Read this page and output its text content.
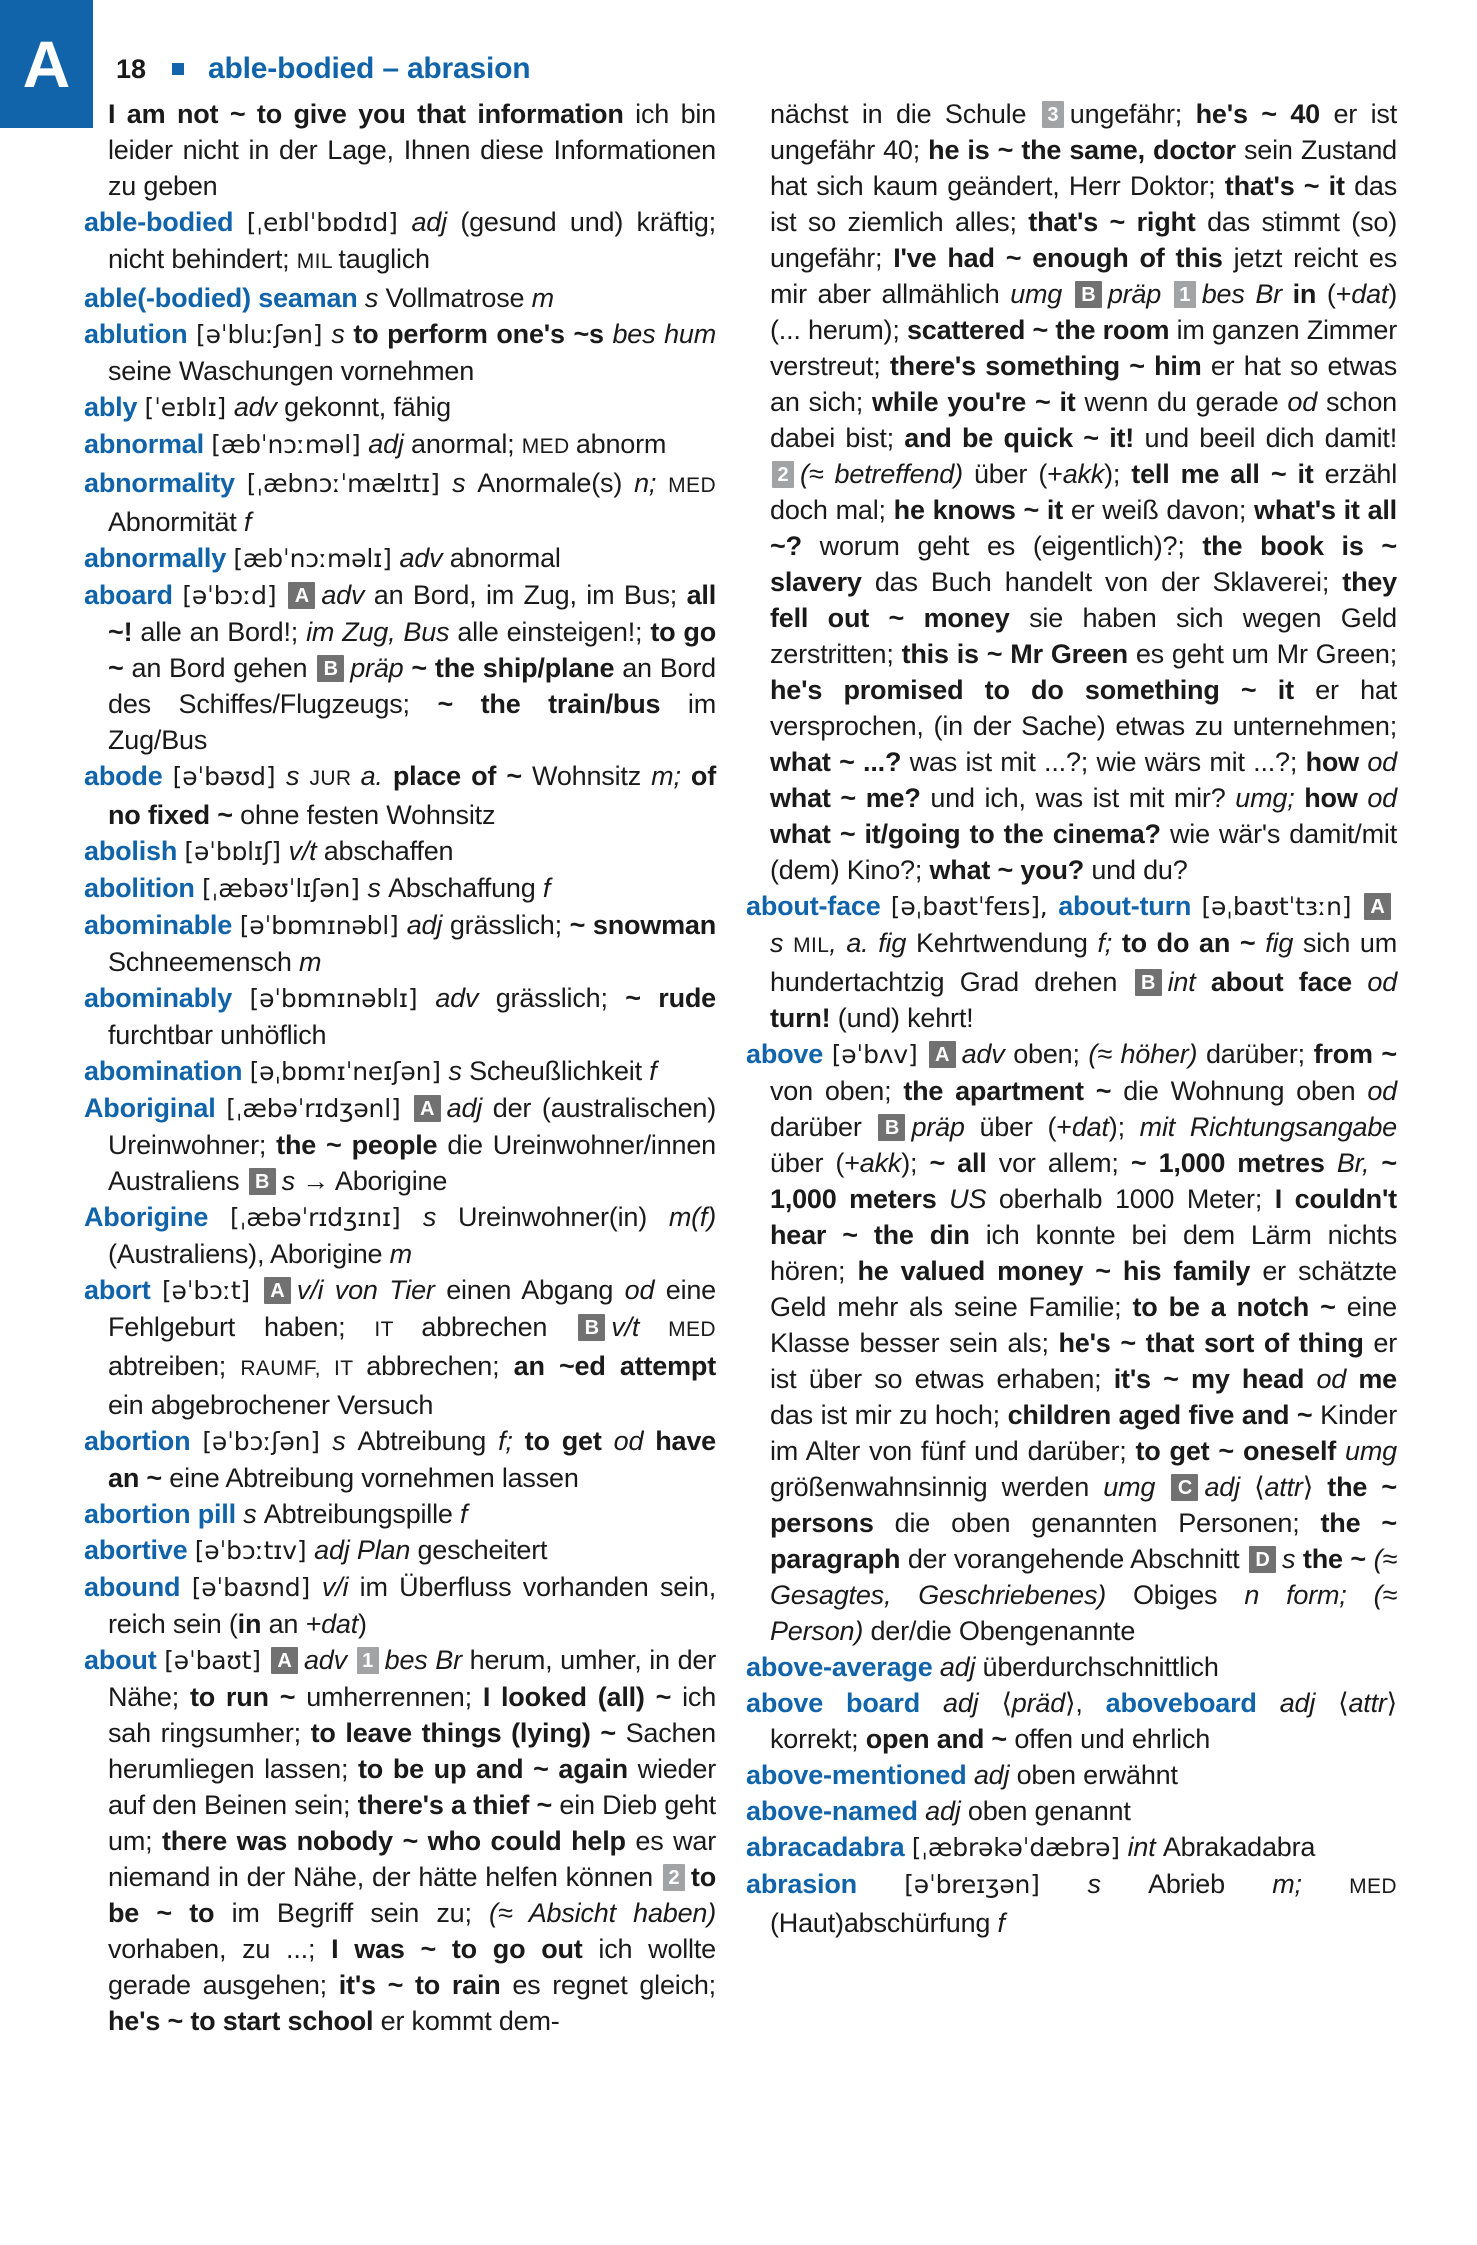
A	18 able-bodied – abrasion

I am not ~ to give you that information ich bin leider nicht in der Lage, Ihnen diese Informationen zu geben

able-bodied [ˌeɪblˈbɒdɪd] adj (gesund und) kräftig; nicht behindert; MIL tauglich

able(-bodied) seaman s Vollmatrose m

ablution [əˈbluːʃən] s to perform one's ~s bes hum seine Waschungen vornehmen

ably [ˈeɪblɪ] adv gekonnt, fähig

abnormal [æbˈnɔːməl] adj anormal; MED abnorm

abnormality [ˌæbnɔːˈmælɪtɪ] s Anormale(s) n; MED Abnormität f

abnormally [æbˈnɔːməlɪ] adv abnormal

aboard [əˈbɔːd] A adv an Bord, im Zug, im Bus; all ~! alle an Bord!; im Zug, Bus alle einsteigen!; to go ~ an Bord gehen B präp ~ the ship/plane an Bord des Schiffes/Flugzeugs; ~ the train/bus im Zug/Bus

abode [əˈbəʊd] s JUR a. place of ~ Wohnsitz m; of no fixed ~ ohne festen Wohnsitz

abolish [əˈbɒlɪʃ] v/t abschaffen

abolition [ˌæbəʊˈlɪʃən] s Abschaffung f

abominable [əˈbɒmɪnəbl] adj grässlich; ~ snowman Schneemensch m

abominably [əˈbɒmɪnəblɪ] adv grässlich; ~ rude furchtbar unhöflich

abomination [əˌbɒmɪˈneɪʃən] s Scheußlichkeit f

Aboriginal [ˌæbəˈrɪdʒənl] A adj der (australischen) Ureinwohner; the ~ people die Ureinwohner/innen Australiens B s → Aborigine

Aborigine [ˌæbəˈrɪdʒɪnɪ] s Ureinwohner(in) m(f) (Australiens), Aborigine m

abort [əˈbɔːt] A v/i von Tier einen Abgang od eine Fehlgeburt haben; IT abbrechen B v/t MED abtreiben; RAUMF, IT abbrechen; an ~ed attempt ein abgebrochener Versuch

abortion [əˈbɔːʃən] s Abtreibung f; to get od have an ~ eine Abtreibung vornehmen lassen

abortion pill s Abtreibungspille f

abortive [əˈbɔːtɪv] adj Plan gescheitert

abound [əˈbaʊnd] v/i im Überfluss vorhanden sein, reich sein (in an +dat)

about [əˈbaʊt] A adv 1 bes Br herum, umher, in der Nähe; to run ~ umherrennen; I looked (all) ~ ich sah ringsumher; to leave things (lying) ~ Sachen herumliegen lassen; to be up and ~ again wieder auf den Beinen sein; there's a thief ~ ein Dieb geht um; there was nobody ~ who could help es war niemand in der Nähe, der hätte helfen können 2 to be ~ to im Begriff sein zu; (≈ Absicht haben) vorhaben, zu ...; I was ~ to go out ich wollte gerade ausgehen; it's ~ to rain es regnet gleich; he's ~ to start school er kommt dem-

nächst in die Schule 3 ungefähr; he's ~ 40 er ist ungefähr 40; he is ~ the same, doctor sein Zustand hat sich kaum geändert, Herr Doktor; that's ~ it das ist so ziemlich alles; that's ~ right das stimmt (so) ungefähr; I've had ~ enough of this jetzt reicht es mir aber allmählich umg B präp 1 bes Br in (+dat) (... herum); scattered ~ the room im ganzen Zimmer verstreut; there's something ~ him er hat so etwas an sich; while you're ~ it wenn du gerade od schon dabei bist; and be quick ~ it! und beeil dich damit! 2 (≈ betreffend) über (+akk); tell me all ~ it erzähl doch mal; he knows ~ it er weiß davon; what's it all ~? worum geht es (eigentlich)?; the book is ~ slavery das Buch handelt von der Sklaverei; they fell out ~ money sie haben sich wegen Geld zerstritten; this is ~ Mr Green es geht um Mr Green; he's promised to do something ~ it er hat versprochen, (in der Sache) etwas zu unternehmen; what ~ ...? was ist mit ...?; wie wärs mit ...?; how od what ~ me? und ich, was ist mit mir? umg; how od what ~ it/going to the cinema? wie wär's damit/mit (dem) Kino?; what ~ you? und du?

about-face [əˌbaʊtˈfeɪs], about-turn [əˌbaʊtˈtɜːn] As MIL, a. fig Kehrtwendung f; to do an ~ fig sich um hundertachtzig Grad drehen B int about face od turn! (und) kehrt!

above [əˈbʌv] A adv oben; (≈ höher) darüber; from ~ von oben; the apartment ~ die Wohnung oben od darüber B präp über (+dat); mit Richtungsangabe über (+akk); ~ all vor allem; ~ 1,000 metres Br, ~ 1,000 meters US oberhalb 1000 Meter; I couldn't hear ~ the din ich konnte bei dem Lärm nichts hören; he valued money ~ his family er schätzte Geld mehr als seine Familie; to be a notch ~ eine Klasse besser sein als; he's ~ that sort of thing er ist über so etwas erhaben; it's ~ my head od me das ist mir zu hoch; children aged five and ~ Kinder im Alter von fünf und darüber; to get ~ oneself umg größenwahnsinnig werden umg C adj ⟨attr⟩ the ~ persons die oben genannten Personen; the ~ paragraph der vorangehende Abschnitt D s the ~ (≈ Gesagtes, Geschriebenes) Obiges n form; (≈ Person) der/die Obengenannte

above-average adj überdurchschnittlich

above board adj ⟨präd⟩, aboveboard adj ⟨attr⟩ korrekt; open and ~ offen und ehrlich

above-mentioned adj oben erwähnt

above-named adj oben genannt

abracadabra [ˌæbrəkəˈdæbrə] int Abrakadabra

abrasion [əˈbreɪʒən] s Abrieb m; MED (Haut)abschürfung f
